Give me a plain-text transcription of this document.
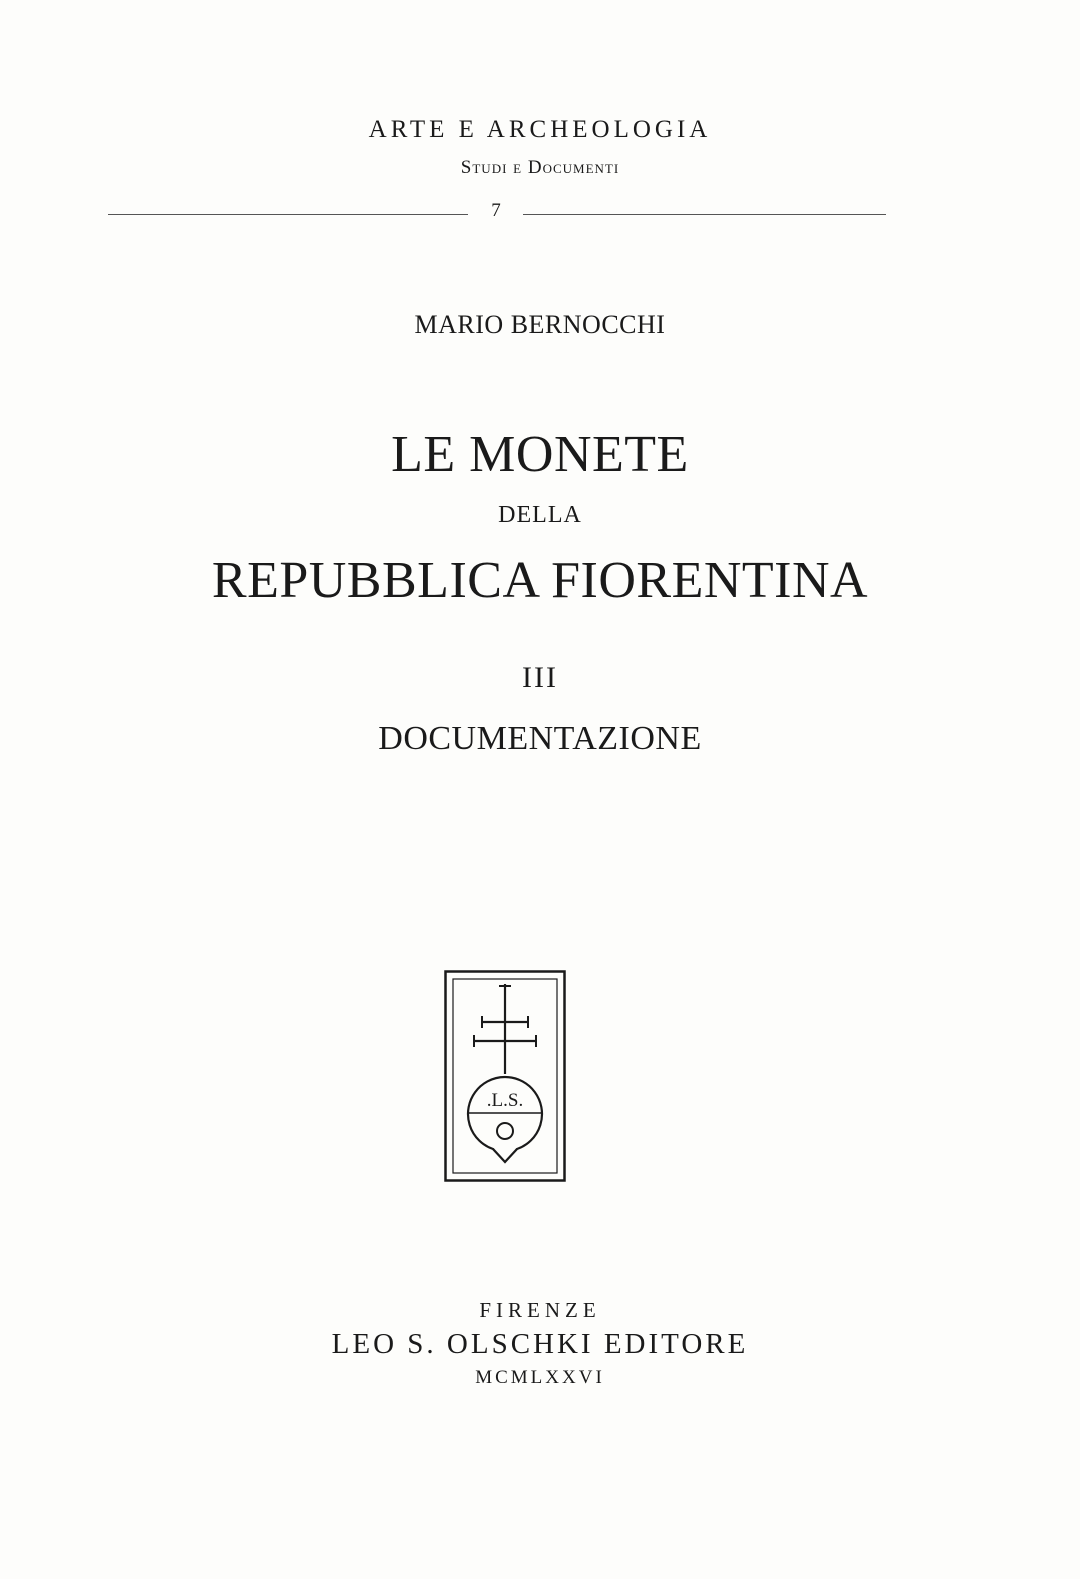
ARTE E ARCHEOLOGIA
Studi e Documenti
7
MARIO BERNOCCHI
LE MONETE
DELLA
REPUBBLICA FIORENTINA
III
DOCUMENTAZIONE
.L.S.
FIRENZE
LEO S. OLSCHKI EDITORE
MCMLXXVI
